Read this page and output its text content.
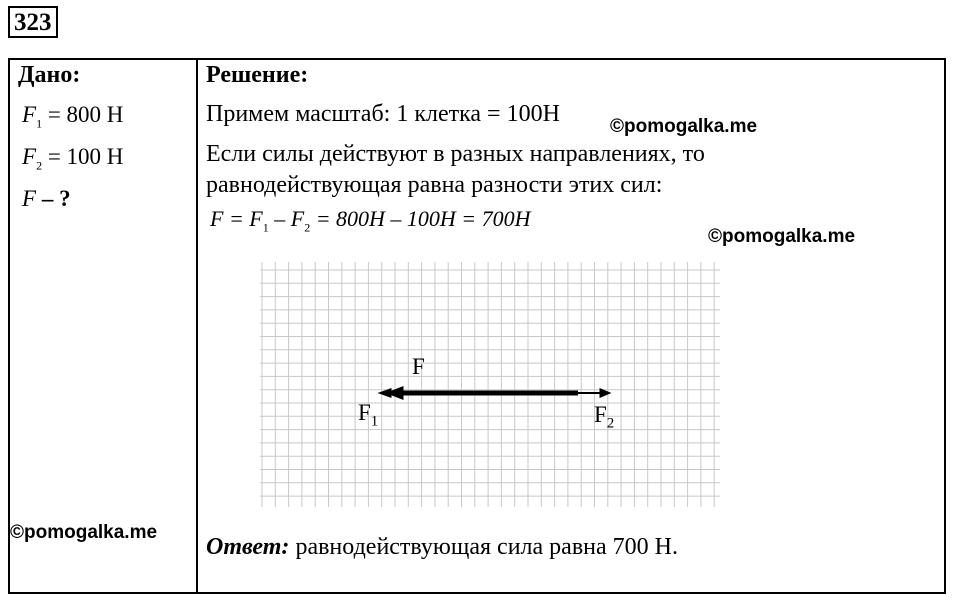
323
Дано:
$F_1 = 800$ Н
$F_2 = 100$ Н
F – ?
Решение:
Примем масштаб: 1 клетка = 100Н
Если силы действуют в разных направлениях, то
равнодействующая равна разности этих сил:
$F = F_1 - F_2 = 800H - 100H = 700H$
©pomogalka.me
©pomogalka.me
©pomogalka.me
F
$F_1$	$F_2$
Ответ: равнодействующая сила равна 700 Н.
